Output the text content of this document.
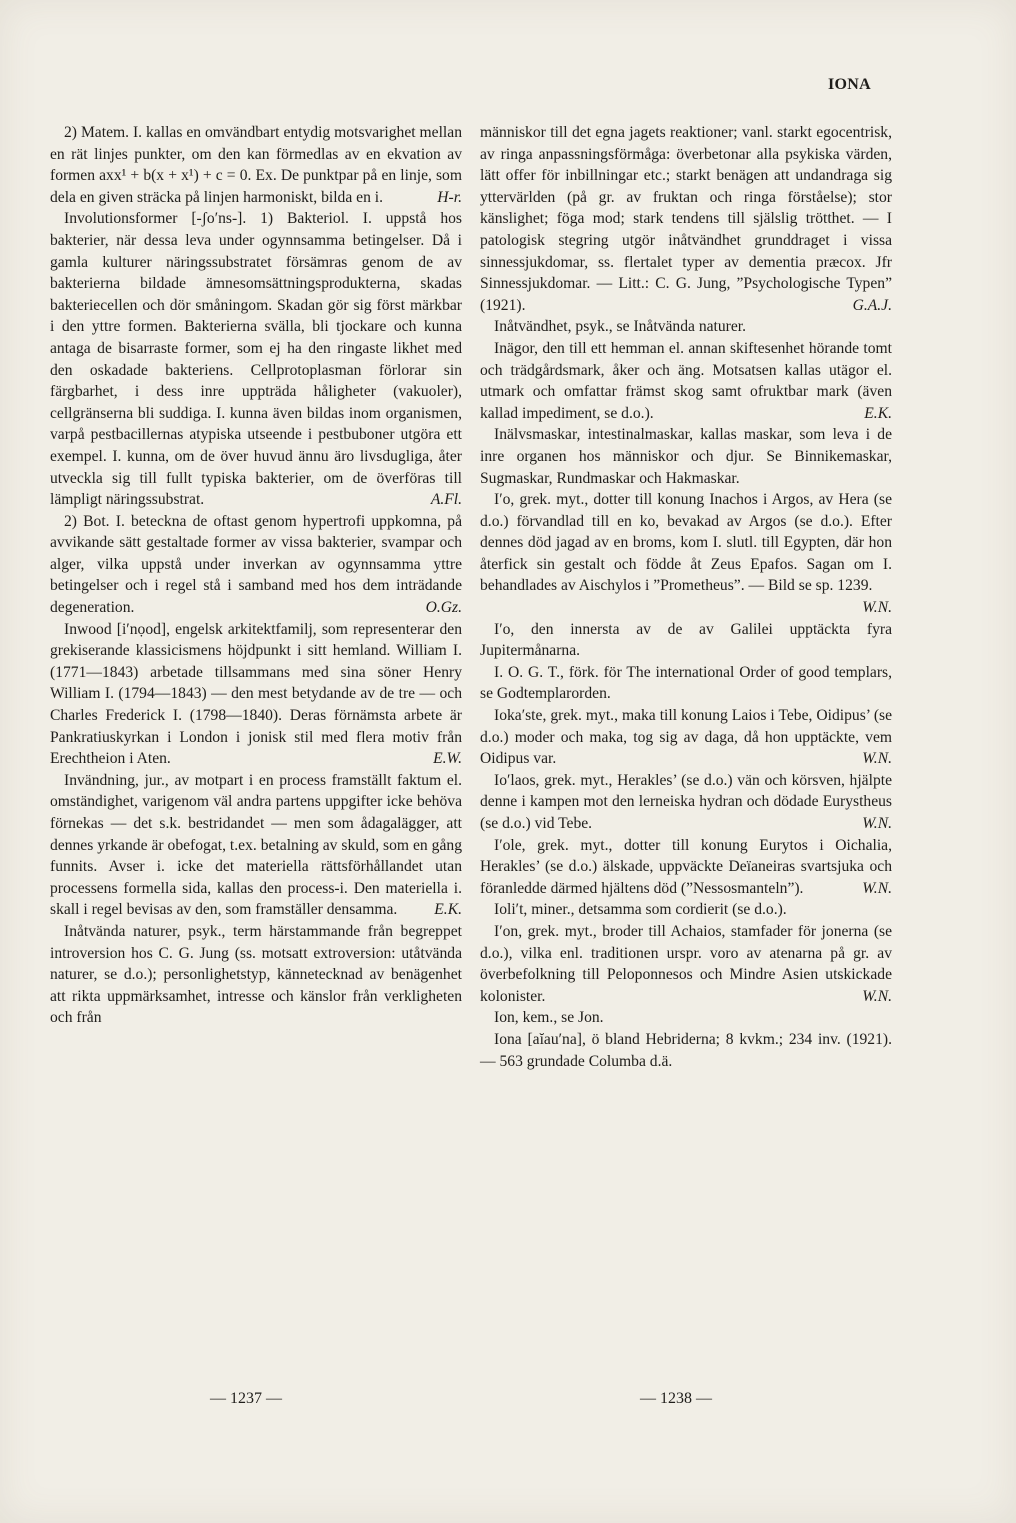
IONA

2) Matem. I. kallas en omvändbart entydig motsvarighet mellan en rät linjes punkter, om den kan förmedlas av en ekvation av formen axx¹ + b(x + x¹) + c = 0. Ex. De punktpar på en linje, som dela en given sträcka på linjen harmoniskt, bilda en i.	H-r.

Involutionsformer [-ʃo′ns-]. 1) Bakteriol. I. uppstå hos bakterier, när dessa leva under ogynnsamma betingelser. Då i gamla kulturer näringssubstratet försämras genom de av bakterierna bildade ämnesomsättningsprodukterna, skadas bakteriecellen och dör småningom. Skadan gör sig först märkbar i den yttre formen. Bakterierna svälla, bli tjockare och kunna antaga de bisarraste former, som ej ha den ringaste likhet med den oskadade bakteriens. Cellprotoplasman förlorar sin färgbarhet, i dess inre uppträda håligheter (vakuoler), cellgränserna bli suddiga. I. kunna även bildas inom organismen, varpå pestbacillernas atypiska utseende i pestbuboner utgöra ett exempel. I. kunna, om de över huvud ännu äro livsdugliga, åter utveckla sig till fullt typiska bakterier, om de överföras till lämpligt näringssubstrat.	A.Fl.

2) Bot. I. beteckna de oftast genom hypertrofi uppkomna, på avvikande sätt gestaltade former av vissa bakterier, svampar och alger, vilka uppstå under inverkan av ogynnsamma yttre betingelser och i regel stå i samband med hos dem inträdande degeneration.	O.Gz.

Inwood [i′nọod], engelsk arkitektfamilj, som representerar den grekiserande klassicismens höjdpunkt i sitt hemland. William I. (1771—1843) arbetade tillsammans med sina söner Henry William I. (1794—1843) — den mest betydande av de tre — och Charles Frederick I. (1798—1840). Deras förnämsta arbete är Pankratiuskyrkan i London i jonisk stil med flera motiv från Erechtheion i Aten.	E.W.

Invändning, jur., av motpart i en process framställt faktum el. omständighet, varigenom väl andra partens uppgifter icke behöva förnekas — det s.k. bestridandet — men som ådagalägger, att dennes yrkande är obefogat, t.ex. betalning av skuld, som en gång funnits. Avser i. icke det materiella rättsförhållandet utan processens formella sida, kallas den process-i. Den materiella i. skall i regel bevisas av den, som framställer densamma.	E.K.

Inåtvända naturer, psyk., term härstammande från begreppet introversion hos C. G. Jung (ss. motsatt extroversion: utåtvända naturer, se d.o.); personlighetstyp, kännetecknad av benägenhet att rikta uppmärksamhet, intresse och känslor från verkligheten och från

människor till det egna jagets reaktioner; vanl. starkt egocentrisk, av ringa anpassningsförmåga: överbetonar alla psykiska värden, lätt offer för inbillningar etc.; starkt benägen att undandraga sig yttervärlden (på gr. av fruktan och ringa förståelse); stor känslighet; föga mod; stark tendens till själslig trötthet. — I patologisk stegring utgör inåtvändhet grunddraget i vissa sinnessjukdomar, ss. flertalet typer av dementia præcox. Jfr Sinnessjukdomar. — Litt.: C. G. Jung, ”Psychologische Typen” (1921).	G.A.J.

Inåtvändhet, psyk., se Inåtvända naturer.

Inägor, den till ett hemman el. annan skiftesenhet hörande tomt och trädgårdsmark, åker och äng. Motsatsen kallas utägor el. utmark och omfattar främst skog samt ofruktbar mark (även kallad impediment, se d.o.).	E.K.

Inälvsmaskar, intestinalmaskar, kallas maskar, som leva i de inre organen hos människor och djur. Se Binnikemaskar, Sugmaskar, Rundmaskar och Hakmaskar.

I′o, grek. myt., dotter till konung Inachos i Argos, av Hera (se d.o.) förvandlad till en ko, bevakad av Argos (se d.o.). Efter dennes död jagad av en broms, kom I. slutl. till Egypten, där hon återfick sin gestalt och födde åt Zeus Epafos. Sagan om I. behandlades av Aischylos i ”Prometheus”. — Bild se sp. 1239.
W.N.

I′o, den innersta av de av Galilei upptäckta fyra Jupitermånarna.

I. O. G. T., förk. för The international Order of good templars, se Godtemplarorden.

Ioka′ste, grek. myt., maka till konung Laios i Tebe, Oidipus’ (se d.o.) moder och maka, tog sig av daga, då hon upptäckte, vem Oidipus var.	W.N.

Io′laos, grek. myt., Herakles’ (se d.o.) vän och körsven, hjälpte denne i kampen mot den lerneiska hydran och dödade Eurystheus (se d.o.) vid Tebe.	W.N.

I′ole, grek. myt., dotter till konung Eurytos i Oichalia, Herakles’ (se d.o.) älskade, uppväckte Deïaneiras svartsjuka och föranledde därmed hjältens död (”Nessosmanteln”).	W.N.

Ioli′t, miner., detsamma som cordierit (se d.o.).

I′on, grek. myt., broder till Achaios, stamfader för jonerna (se d.o.), vilka enl. traditionen urspr. voro av atenarna på gr. av överbefolkning till Peloponnesos och Mindre Asien utskickade kolonister.	W.N.

Ion, kem., se Jon.

Iona [aĭau′na], ö bland Hebriderna; 8 kvkm.; 234 inv. (1921). — 563 grundade Columba d.ä.

— 1237 —	— 1238 —
